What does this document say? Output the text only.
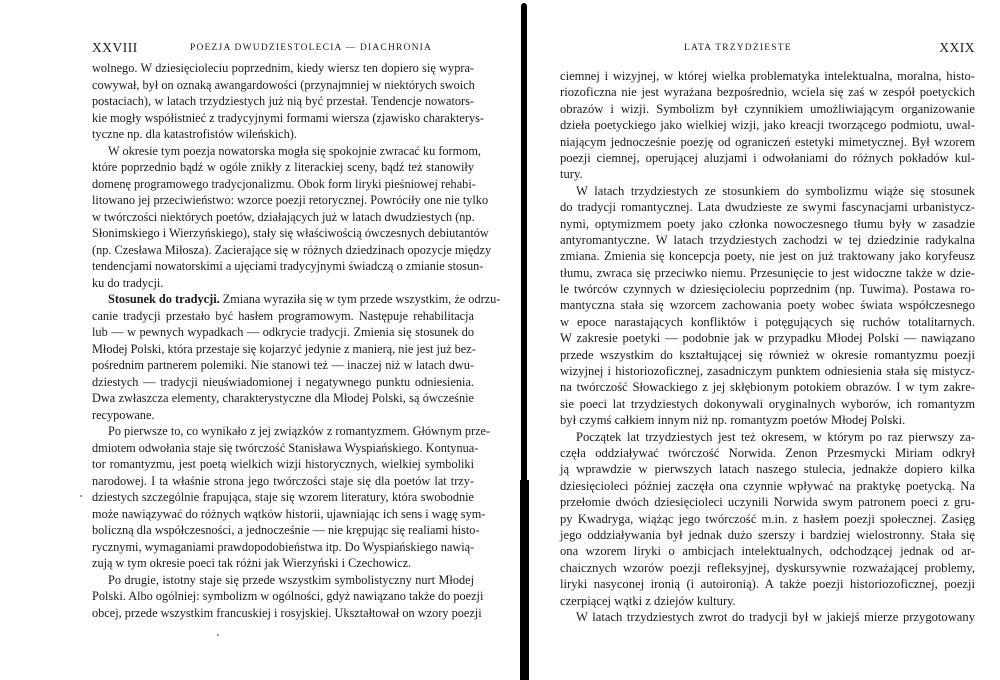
XXVIII	POEZJA DWUDZIESTOLECIA — DIACHRONIA
wolnego. W dziesięcioleciu poprzednim, kiedy wiersz ten dopiero się wypra-
cowywał, był on oznaką awangardowości (przynajmniej w niektórych swoich
postaciach), w latach trzydziestych już nią być przestał. Tendencje nowators-
kie mogły współistnieć z tradycyjnymi formami wiersza (zjawisko charakterys-
tyczne np. dla katastrofistów wileńskich).
W okresie tym poezja nowatorska mogła się spokojnie zwracać ku formom,
które poprzednio bądź w ogóle znikły z literackiej sceny, bądź też stanowiły
domenę programowego tradycjonalizmu. Obok form liryki pieśniowej rehabi-
litowano jej przeciwieństwo: wzorce poezji retorycznej. Powróciły one nie tylko
w twórczości niektórych poetów, działających już w latach dwudziestych (np.
Słonimskiego i Wierzyńskiego), stały się właściwością ówczesnych debiutantów
(np. Czesława Miłosza). Zacierające się w różnych dziedzinach opozycje między
tendencjami nowatorskimi a ujęciami tradycyjnymi świadczą o zmianie stosun-
ku do tradycji.
Stosunek do tradycji. Zmiana wyraziła się w tym przede wszystkim, że odrzu-
canie tradycji przestało być hasłem programowym. Następuje rehabilitacja
lub — w pewnych wypadkach — odkrycie tradycji. Zmienia się stosunek do
Młodej Polski, która przestaje się kojarzyć jedynie z manierą, nie jest już bez-
pośrednim partnerem polemiki. Nie stanowi też — inaczej niż w latach dwu-
dziestych — tradycji nieuświadomionej i negatywnego punktu odniesienia.
Dwa zwłaszcza elementy, charakterystyczne dla Młodej Polski, są ówcześnie
recypowane.
Po pierwsze to, co wynikało z jej związków z romantyzmem. Głównym prze-
dmiotem odwołania staje się twórczość Stanisława Wyspiańskiego. Kontynua-
tor romantyzmu, jest poetą wielkich wizji historycznych, wielkiej symboliki
narodowej. I ta właśnie strona jego twórczości staje się dla poetów lat trzy-
dziestych szczególnie frapująca, staje się wzorem literatury, która swobodnie
może nawiązywać do różnych wątków historii, ujawniając ich sens i wagę sym-
boliczną dla współczesności, a jednocześnie — nie krępując się realiami histo-
rycznymi, wymaganiami prawdopodobieństwa itp. Do Wyspiańskiego nawią-
zują w tym okresie poeci tak różni jak Wierzyński i Czechowicz.
Po drugie, istotny staje się przede wszystkim symbolistyczny nurt Młodej
Polski. Albo ogólniej: symbolizm w ogólności, gdyż nawiązano także do poezji
obcej, przede wszystkim francuskiej i rosyjskiej. Ukształtował on wzory poezji
LATA TRZYDZIESTE	XXIX
ciemnej i wizyjnej, w której wielka problematyka intelektualna, moralna, histo-
riozoficzna nie jest wyrażana bezpośrednio, wciela się zaś w zespół poetyckich
obrazów i wizji. Symbolizm był czynnikiem umożliwiającym organizowanie
dzieła poetyckiego jako wielkiej wizji, jako kreacji tworzącego podmiotu, uwal-
niającym jednocześnie poezję od ograniczeń estetyki mimetycznej. Był wzorem
poezji ciemnej, operującej aluzjami i odwołaniami do różnych pokładów kul-
tury.
W latach trzydziestych ze stosunkiem do symbolizmu wiąże się stosunek
do tradycji romantycznej. Lata dwudzieste ze swymi fascynacjami urbanistycz-
nymi, optymizmem poety jako członka nowoczesnego tłumu były w zasadzie
antyromantyczne. W latach trzydziestych zachodzi w tej dziedzinie radykalna
zmiana. Zmienia się koncepcja poety, nie jest on już traktowany jako koryfeusz
tłumu, zwraca się przeciwko niemu. Przesunięcie to jest widoczne także w dzie-
le twórców czynnych w dziesięcioleciu poprzednim (np. Tuwima). Postawa ro-
mantyczna stała się wzorcem zachowania poety wobec świata współczesnego
w epoce narastających konfliktów i potęgujących się ruchów totalitarnych.
W zakresie poetyki — podobnie jak w przypadku Młodej Polski — nawiązano
przede wszystkim do kształtującej się również w okresie romantyzmu poezji
wizyjnej i historiozoficznej, zasadniczym punktem odniesienia stała się mistycz-
na twórczość Słowackiego z jej skłębionym potokiem obrazów. I w tym zakre-
sie poeci lat trzydziestych dokonywali oryginalnych wyborów, ich romantyzm
był czymś całkiem innym niż np. romantyzm poetów Młodej Polski.
Początek lat trzydziestych jest też okresem, w którym po raz pierwszy za-
częła oddziaływać twórczość Norwida. Zenon Przesmycki Miriam odkrył
ją wprawdzie w pierwszych latach naszego stulecia, jednakże dopiero kilka
dziesięcioleci później zaczęła ona czynnie wpływać na praktykę poetycką. Na
przełomie dwóch dziesięcioleci uczynili Norwida swym patronem poeci z gru-
py Kwadryga, wiążąc jego twórczość m.in. z hasłem poezji społecznej. Zasięg
jego oddziaływania był jednak dużo szerszy i bardziej wielostronny. Stała się
ona wzorem liryki o ambicjach intelektualnych, odchodzącej jednak od ar-
chaicznych wzorów poezji refleksyjnej, dyskursywnie rozważającej problemy,
liryki nasyconej ironią (i autoironią). A także poezji historiozoficznej, poezji
czerpiącej wątki z dziejów kultury.
W latach trzydziestych zwrot do tradycji był w jakiejś mierze przygotowany
